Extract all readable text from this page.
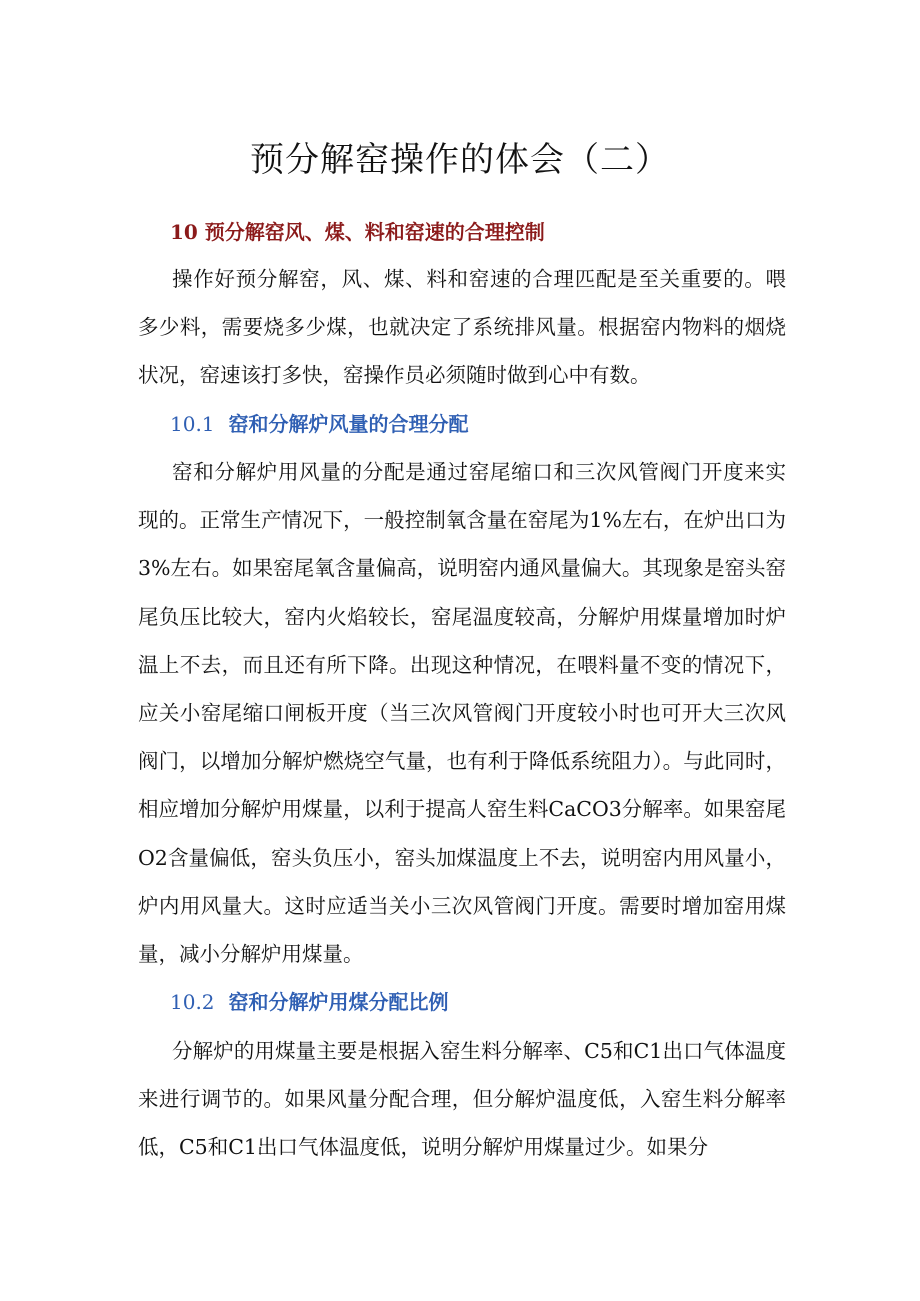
预分解窑操作的体会（二）
10 预分解窑风、煤、料和窑速的合理控制

操作好预分解窑，风、煤、料和窑速的合理匹配是至关重要的。喂多少料，需要烧多少煤，也就决定了系统排风量。根据窑内物料的烟烧状况，窑速该打多快，窑操作员必须随时做到心中有数。

10.1 窑和分解炉风量的合理分配

窑和分解炉用风量的分配是通过窑尾缩口和三次风管阀门开度来实现的。正常生产情况下，一般控制氧含量在窑尾为1%左右，在炉出口为3%左右。如果窑尾氧含量偏高，说明窑内通风量偏大。其现象是窑头窑尾负压比较大，窑内火焰较长，窑尾温度较高，分解炉用煤量增加时炉温上不去，而且还有所下降。出现这种情况，在喂料量不变的情况下，应关小窑尾缩口闸板开度（当三次风管阀门开度较小时也可开大三次风阀门，以增加分解炉燃烧空气量，也有利于降低系统阻力）。与此同时，相应增加分解炉用煤量，以利于提高人窑生料CaCO3分解率。如果窑尾O2含量偏低，窑头负压小，窑头加煤温度上不去，说明窑内用风量小，炉内用风量大。这时应适当关小三次风管阀门开度。需要时增加窑用煤量，减小分解炉用煤量。

10.2 窑和分解炉用煤分配比例

分解炉的用煤量主要是根据入窑生料分解率、C5和C1出口气体温度来进行调节的。如果风量分配合理，但分解炉温度低，入窑生料分解率低，C5和C1出口气体温度低，说明分解炉用煤量过少。如果分
